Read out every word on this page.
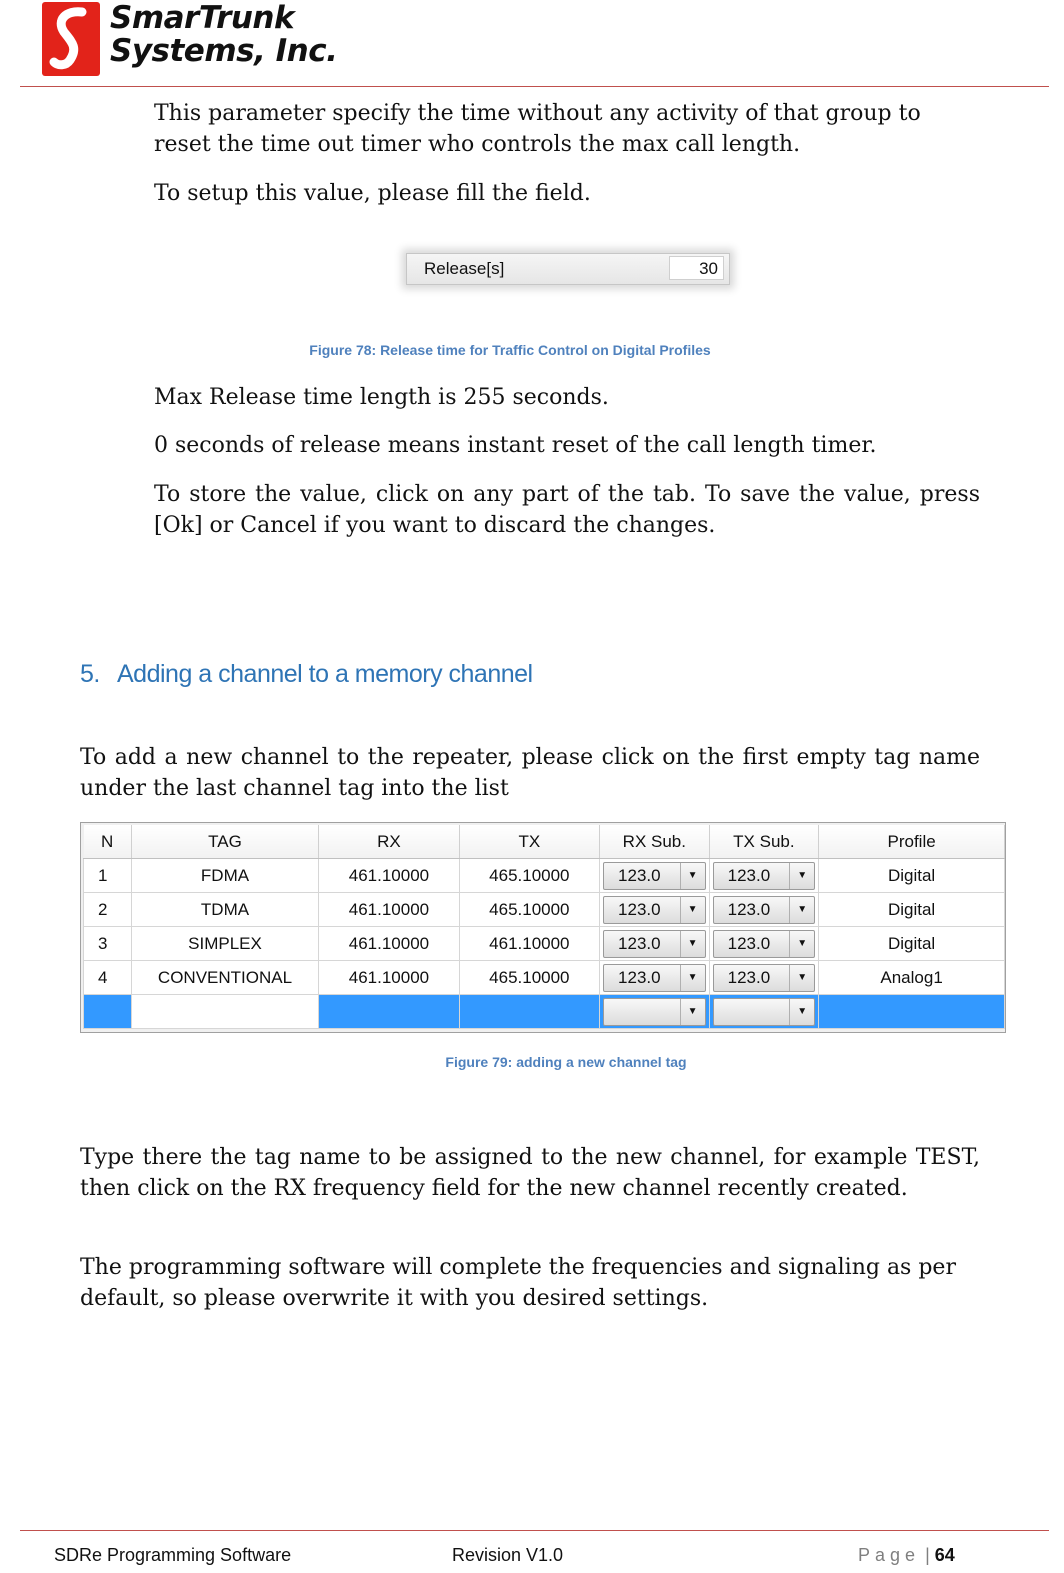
SmarTrunk
Systems, Inc.

This parameter specify the time without any activity of that group to reset the time out timer who controls the max call length.

To setup this value, please fill the field.

Release[s]	30
Figure 78: Release time for Traffic Control on Digital Profiles

Max Release time length is 255 seconds.

0 seconds of release means instant reset of the call length timer.

To store the value, click on any part of the tab. To save the value, press [Ok] or Cancel if you want to discard the changes.

5. Adding a channel to a memory channel

To add a new channel to the repeater, please click on the first empty tag name under the last channel tag into the list

N	TAG	RX	TX	RX Sub.	TX Sub.	Profile
1	FDMA	461.10000	465.10000	123.0 ▼	123.0 ▼	Digital
2	TDMA	461.10000	465.10000	123.0 ▼	123.0 ▼	Digital
3	SIMPLEX	461.10000	461.10000	123.0 ▼	123.0 ▼	Digital
4	CONVENTIONAL	461.10000	465.10000	123.0 ▼	123.0 ▼	Analog1

				▼	▼	

Figure 79: adding a new channel tag

Type there the tag name to be assigned to the new channel, for example TEST, then click on the RX frequency field for the new channel recently created.

The programming software will complete the frequencies and signaling as per default, so please overwrite it with you desired settings.

SDRe Programming Software	Revision V1.0	Page | 64
